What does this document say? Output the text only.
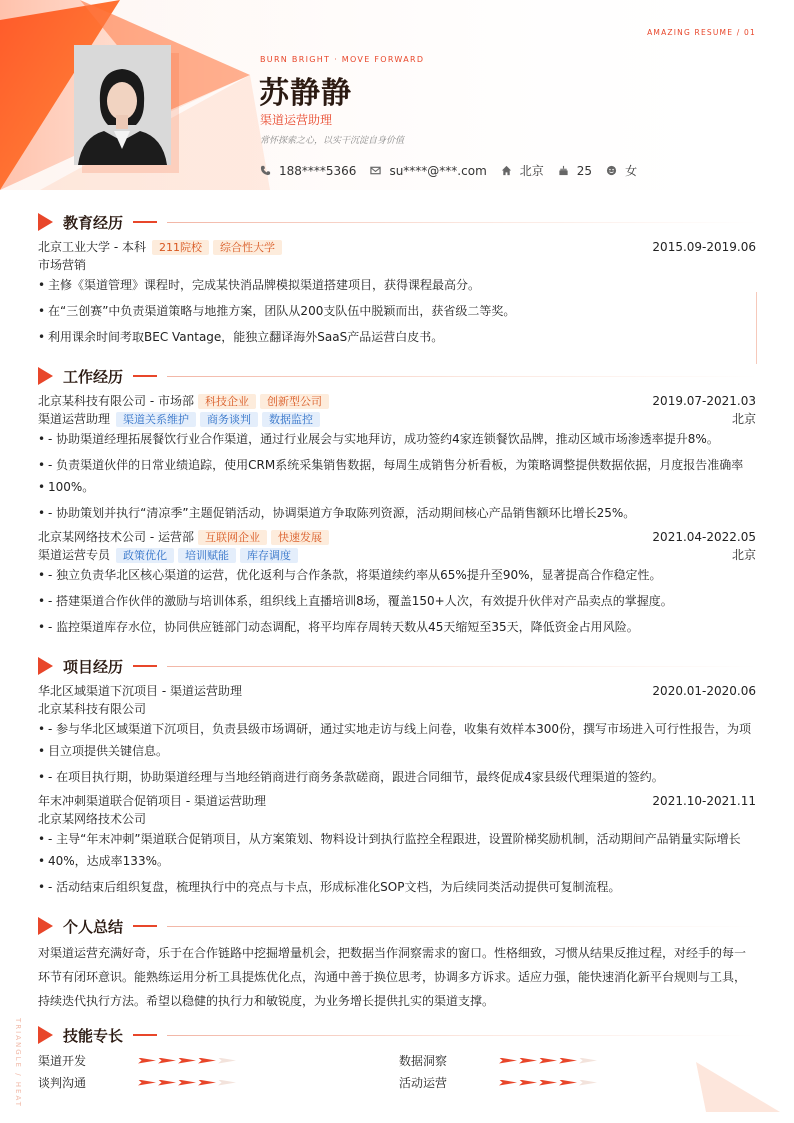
AMAZING RESUME / 01
BURN BRIGHT · MOVE FORWARD
苏静静
渠道运营助理
常怀探索之心，以实干沉淀自身价值
188****5366	su****@***.com	北京	25	女
教育经历
北京工业大学 - 本科	211院校	综合性大学	2015.09-2019.06
市场营销
• 主修《渠道管理》课程时，完成某快消品牌模拟渠道搭建项目，获得课程最高分。
• 在“三创赛”中负责渠道策略与地推方案，团队从200支队伍中脱颖而出，获省级二等奖。
• 利用课余时间考取BEC Vantage，能独立翻译海外SaaS产品运营白皮书。
工作经历
北京某科技有限公司 - 市场部	科技企业	创新型公司	2019.07-2021.03
渠道运营助理	渠道关系维护	商务谈判	数据监控	北京
• - 协助渠道经理拓展餐饮行业合作渠道，通过行业展会与实地拜访，成功签约4家连锁餐饮品牌，推动区域市场渗透率提升8%。
• - 负责渠道伙伴的日常业绩追踪，使用CRM系统采集销售数据，每周生成销售分析看板，为策略调整提供数据依据，月度报告准确率
• 100%。
• - 协助策划并执行“清凉季”主题促销活动，协调渠道方争取陈列资源，活动期间核心产品销售额环比增长25%。
北京某网络技术公司 - 运营部	互联网企业	快速发展	2021.04-2022.05
渠道运营专员	政策优化	培训赋能	库存调度	北京
• - 独立负责华北区核心渠道的运营，优化返利与合作条款，将渠道续约率从65%提升至90%，显著提高合作稳定性。
• - 搭建渠道合作伙伴的激励与培训体系，组织线上直播培训8场，覆盖150+人次，有效提升伙伴对产品卖点的掌握度。
• - 监控渠道库存水位，协同供应链部门动态调配，将平均库存周转天数从45天缩短至35天，降低资金占用风险。
项目经历
华北区域渠道下沉项目 - 渠道运营助理	2020.01-2020.06
北京某科技有限公司
• - 参与华北区域渠道下沉项目，负责县级市场调研，通过实地走访与线上问卷，收集有效样本300份，撰写市场进入可行性报告，为项
• 目立项提供关键信息。
• - 在项目执行期，协助渠道经理与当地经销商进行商务条款磋商，跟进合同细节，最终促成4家县级代理渠道的签约。
年末冲刺渠道联合促销项目 - 渠道运营助理	2021.10-2021.11
北京某网络技术公司
• - 主导“年末冲刺”渠道联合促销项目，从方案策划、物料设计到执行监控全程跟进，设置阶梯奖励机制，活动期间产品销量实际增长
• 40%，达成率133%。
• - 活动结束后组织复盘，梳理执行中的亮点与卡点，形成标准化SOP文档，为后续同类活动提供可复制流程。
个人总结
对渠道运营充满好奇，乐于在合作链路中挖掘增量机会，把数据当作洞察需求的窗口。性格细致，习惯从结果反推过程，对经手的每一
环节有闭环意识。能熟练运用分析工具提炼优化点，沟通中善于换位思考，协调多方诉求。适应力强，能快速消化新平台规则与工具，
持续迭代执行方法。希望以稳健的执行力和敏锐度，为业务增长提供扎实的渠道支撑。
技能专长
渠道开发	数据洞察
谈判沟通	活动运营
TRIANGLE / HEAT
